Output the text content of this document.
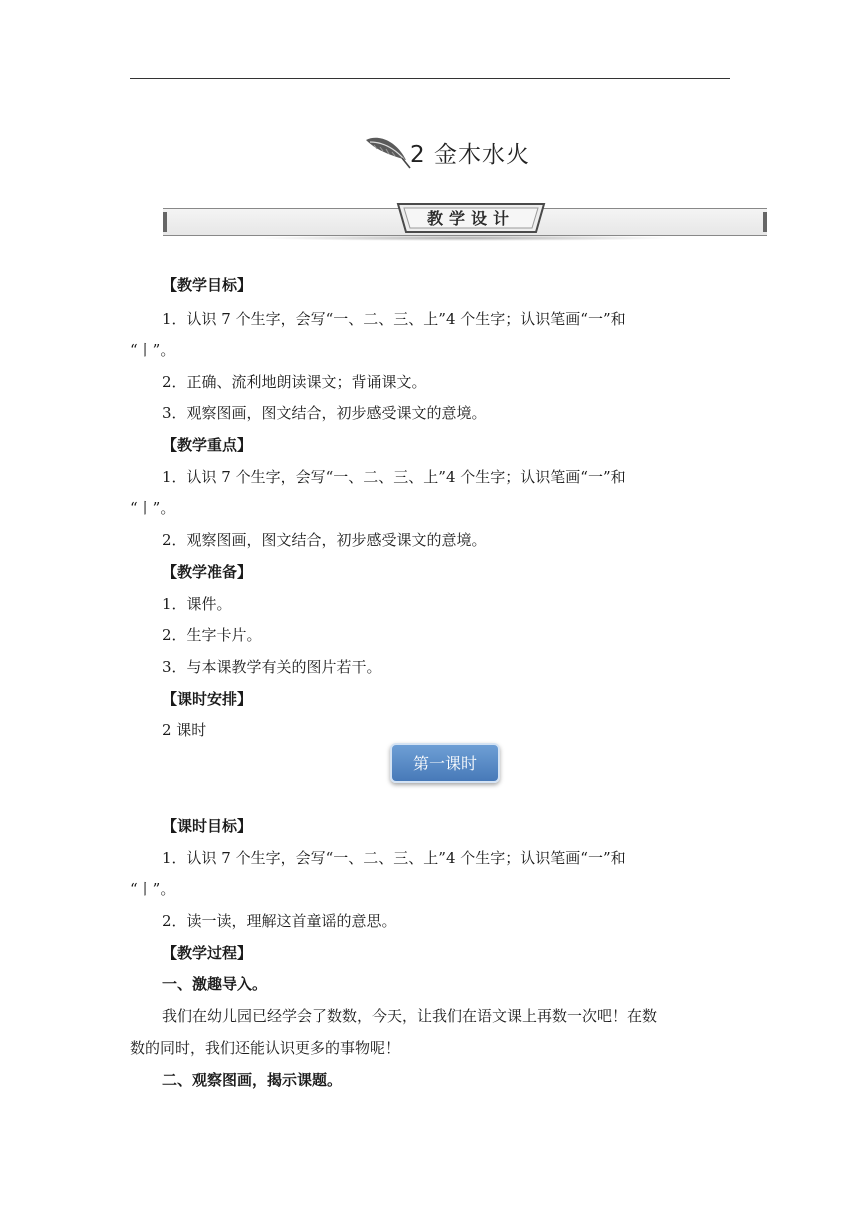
2 金木水火
教学设计
【教学目标】
1．认识 7 个生字，会写“一、二、三、上”4 个生字；认识笔画“一”和
“丨”。
2．正确、流利地朗读课文；背诵课文。
3．观察图画，图文结合，初步感受课文的意境。
【教学重点】
1．认识 7 个生字，会写“一、二、三、上”4 个生字；认识笔画“一”和
“丨”。
2．观察图画，图文结合，初步感受课文的意境。
【教学准备】
1．课件。
2．生字卡片。
3．与本课教学有关的图片若干。
【课时安排】
2 课时
第一课时
【课时目标】
1．认识 7 个生字，会写“一、二、三、上”4 个生字；认识笔画“一”和
“丨”。
2．读一读，理解这首童谣的意思。
【教学过程】
一、激趣导入。
我们在幼儿园已经学会了数数，今天，让我们在语文课上再数一次吧！在数
数的同时，我们还能认识更多的事物呢！
二、观察图画，揭示课题。
